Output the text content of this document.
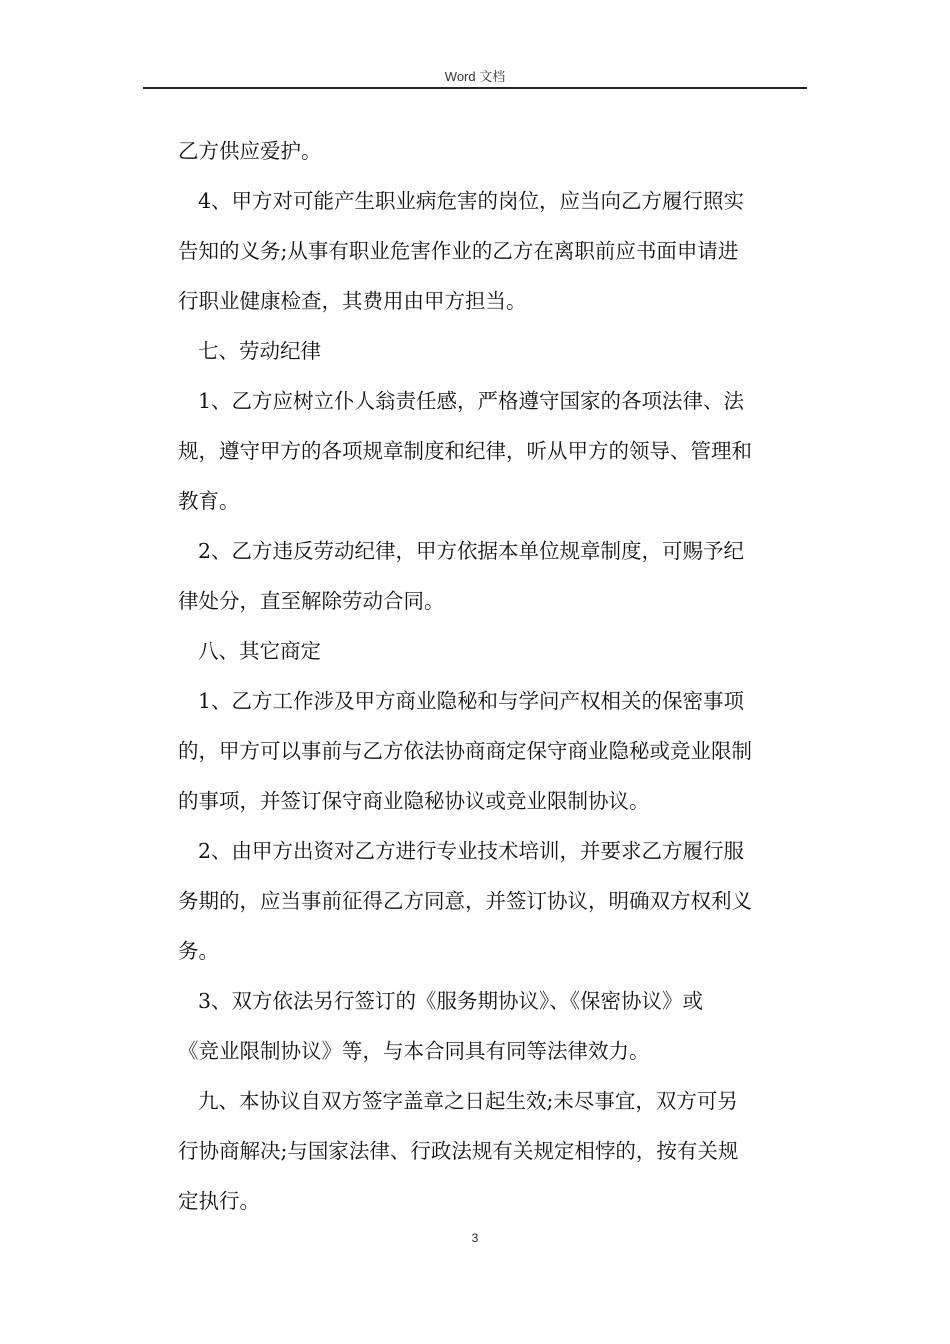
Word 文档

乙方供应爱护。

4、甲方对可能产生职业病危害的岗位，应当向乙方履行照实

告知的义务;从事有职业危害作业的乙方在离职前应书面申请进

行职业健康检查，其费用由甲方担当。

七、劳动纪律

1、乙方应树立仆人翁责任感，严格遵守国家的各项法律、法

规，遵守甲方的各项规章制度和纪律，听从甲方的领导、管理和

教育。

2、乙方违反劳动纪律，甲方依据本单位规章制度，可赐予纪

律处分，直至解除劳动合同。

八、其它商定

1、乙方工作涉及甲方商业隐秘和与学问产权相关的保密事项

的，甲方可以事前与乙方依法协商商定保守商业隐秘或竞业限制

的事项，并签订保守商业隐秘协议或竞业限制协议。

2、由甲方出资对乙方进行专业技术培训，并要求乙方履行服

务期的，应当事前征得乙方同意，并签订协议，明确双方权利义

务。

3、双方依法另行签订的《服务期协议》、《保密协议》或

《竞业限制协议》等，与本合同具有同等法律效力。

九、本协议自双方签字盖章之日起生效;未尽事宜，双方可另

行协商解决;与国家法律、行政法规有关规定相悖的，按有关规

定执行。

3
